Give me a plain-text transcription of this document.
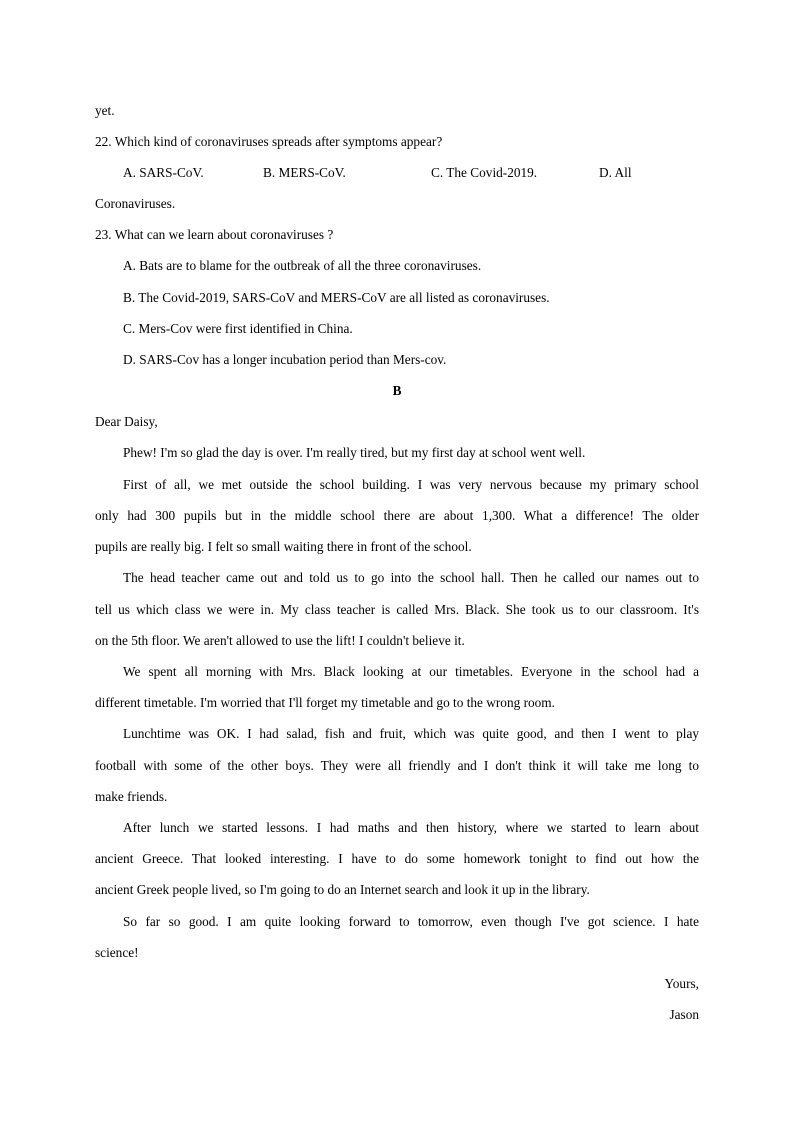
yet.
22. Which kind of coronaviruses spreads after symptoms appear?
A. SARS-CoV.	B. MERS-CoV.	C. The Covid-2019.	D. All
Coronaviruses.
23. What can we learn about coronaviruses ?
A. Bats are to blame for the outbreak of all the three coronaviruses.
B. The Covid-2019, SARS-CoV and MERS-CoV are all listed as coronaviruses.
C. Mers-Cov were first identified in China.
D. SARS-Cov has a longer incubation period than Mers-cov.
B
Dear Daisy,
Phew! I'm so glad the day is over. I'm really tired, but my first day at school went well.
First of all, we met outside the school building. I was very nervous because my primary school
only had 300 pupils but in the middle school there are about 1,300. What a difference! The older
pupils are really big. I felt so small waiting there in front of the school.
The head teacher came out and told us to go into the school hall. Then he called our names out to
tell us which class we were in. My class teacher is called Mrs. Black. She took us to our classroom. It's
on the 5th floor. We aren't allowed to use the lift! I couldn't believe it.
We spent all morning with Mrs. Black looking at our timetables. Everyone in the school had a
different timetable. I'm worried that I'll forget my timetable and go to the wrong room.
Lunchtime was OK. I had salad, fish and fruit, which was quite good, and then I went to play
football with some of the other boys. They were all friendly and I don't think it will take me long to
make friends.
After lunch we started lessons. I had maths and then history, where we started to learn about
ancient Greece. That looked interesting. I have to do some homework tonight to find out how the
ancient Greek people lived, so I'm going to do an Internet search and look it up in the library.
So far so good. I am quite looking forward to tomorrow, even though I've got science. I hate
science!
Yours,
Jason
